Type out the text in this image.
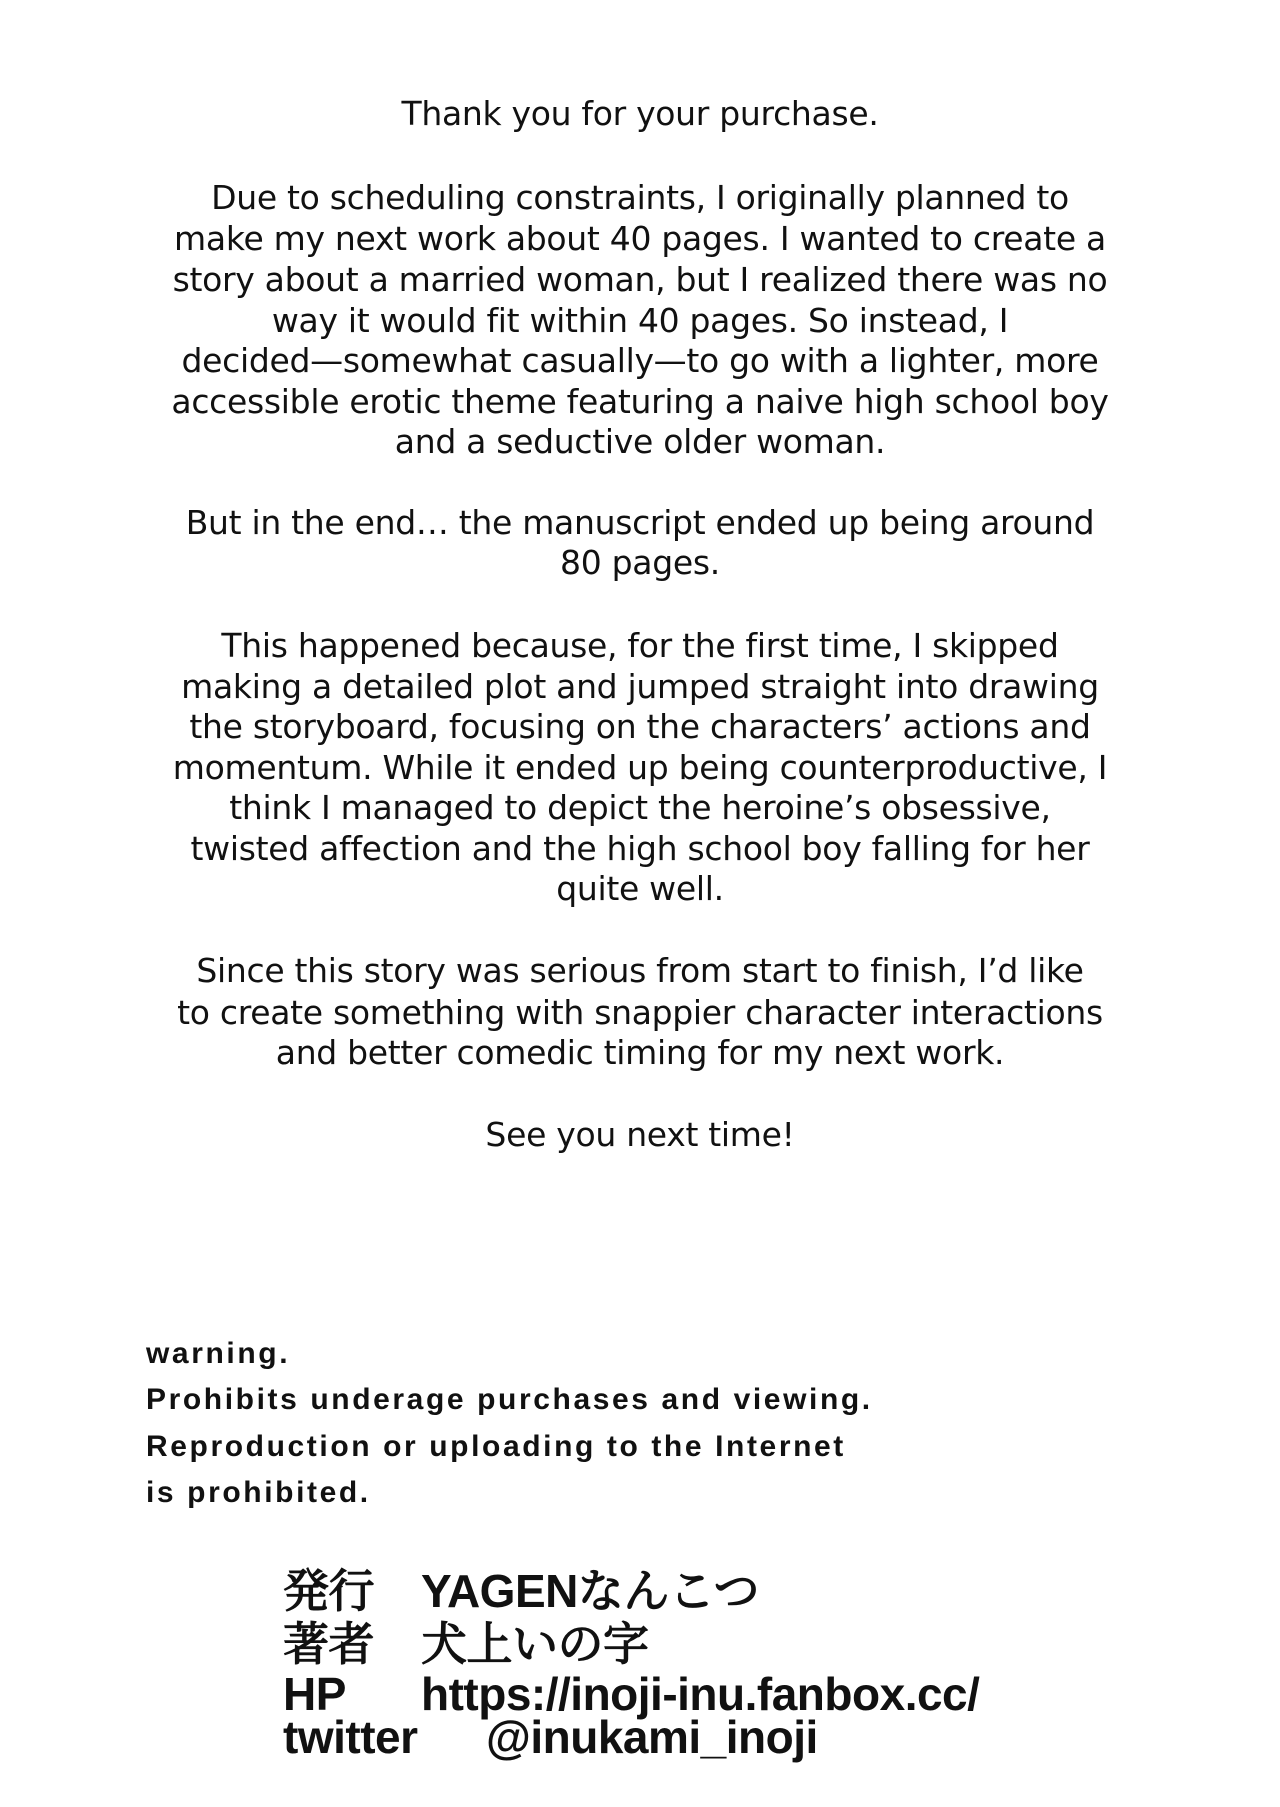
Thank you for your purchase.
Due to scheduling constraints, I originally planned to
make my next work about 40 pages. I wanted to create a
story about a married woman, but I realized there was no
way it would fit within 40 pages. So instead, I
decided—somewhat casually—to go with a lighter, more
accessible erotic theme featuring a naive high school boy
and a seductive older woman.
But in the end… the manuscript ended up being around
80 pages.
This happened because, for the first time, I skipped
making a detailed plot and jumped straight into drawing
the storyboard, focusing on the characters’ actions and
momentum. While it ended up being counterproductive, I
think I managed to depict the heroine’s obsessive,
twisted affection and the high school boy falling for her
quite well.
Since this story was serious from start to finish, I’d like
to create something with snappier character interactions
and better comedic timing for my next work.
See you next time!
warning.
Prohibits underage purchases and viewing.
Reproduction or uploading to the Internet
is prohibited.
発行 YAGENなんこつ
著者 犬上いの字
HP https://inoji-inu.fanbox.cc/
twitter @inukami_inoji
